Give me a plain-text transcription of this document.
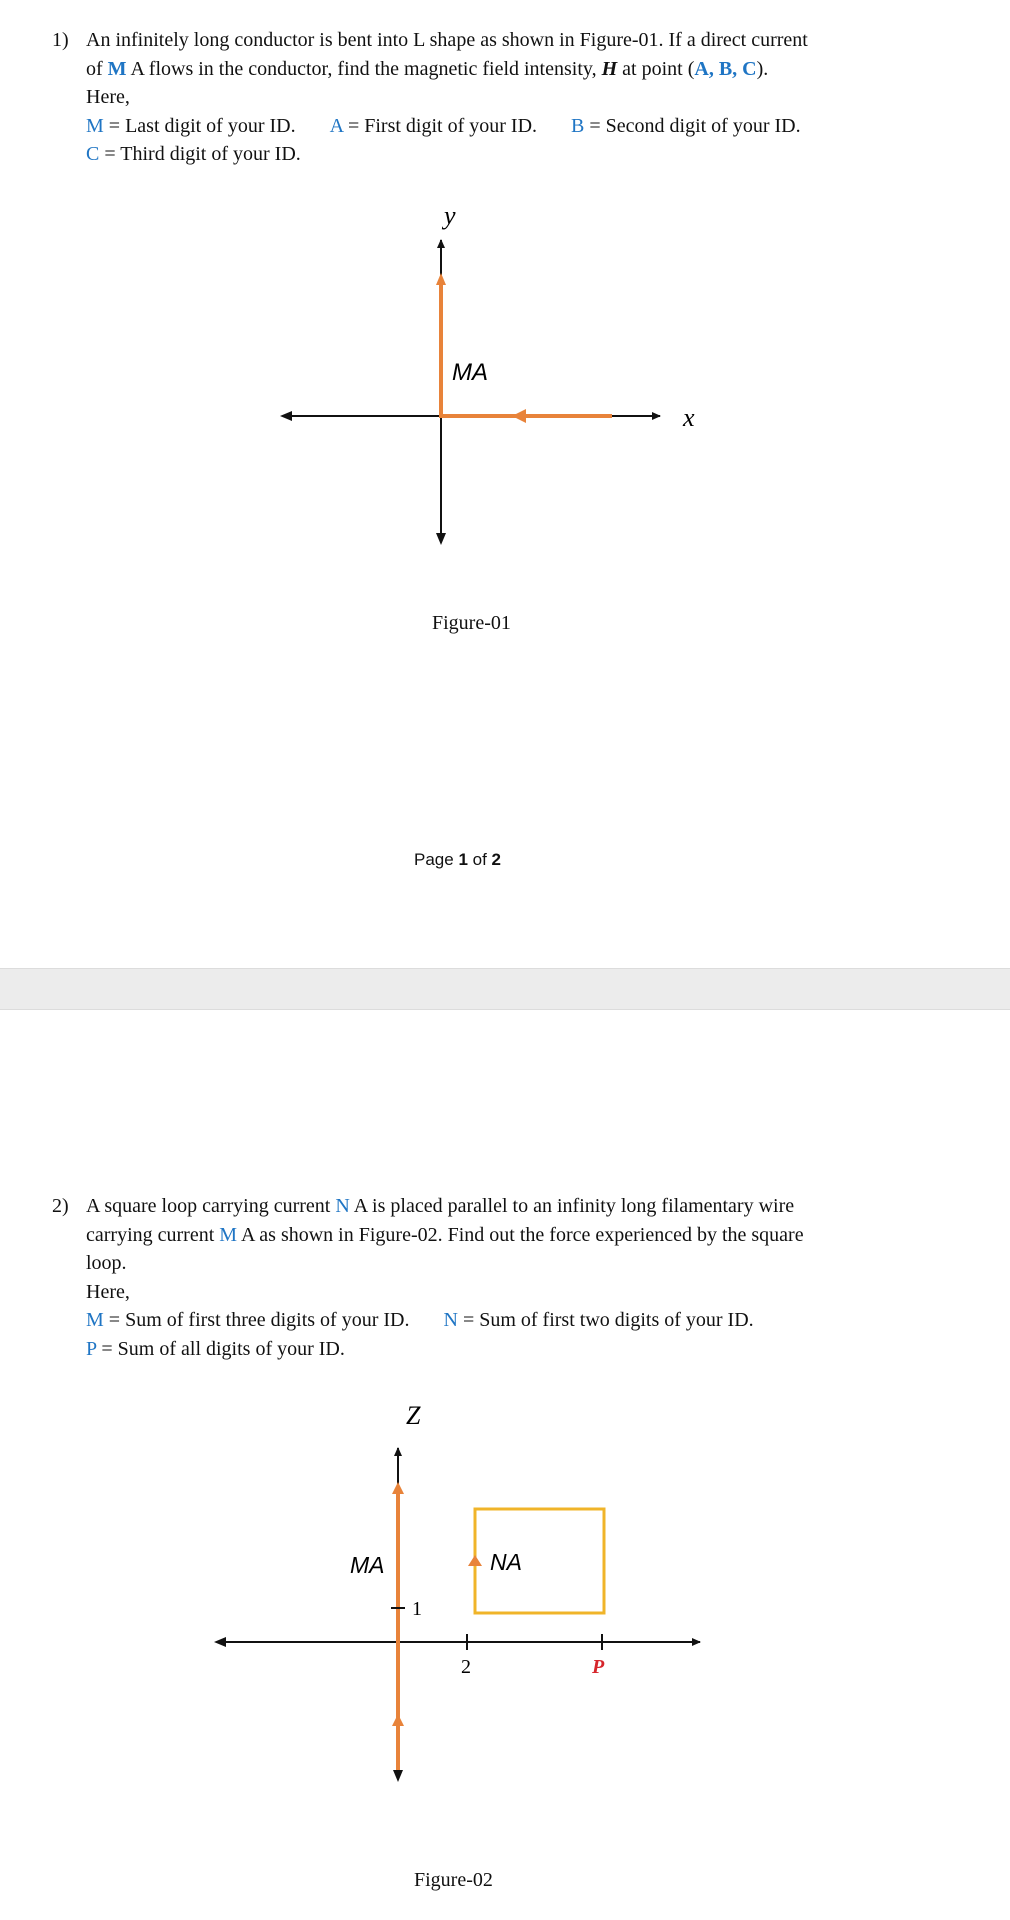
1) An infinitely long conductor is bent into L shape as shown in Figure-01. If a direct current
of M A flows in the conductor, find the magnetic field intensity, H at point (A, B, C).
Here,
M = Last digit of your ID. A = First digit of your ID. B = Second digit of your ID.
C = Third digit of your ID.
y
x
MA
Figure-01
Page 1 of 2
2) A square loop carrying current N A is placed parallel to an infinity long filamentary wire
carrying current M A as shown in Figure-02. Find out the force experienced by the square
loop.
Here,
M = Sum of first three digits of your ID. N = Sum of first two digits of your ID.
P = Sum of all digits of your ID.
Z
MA	NA
1
2	P
Figure-02
